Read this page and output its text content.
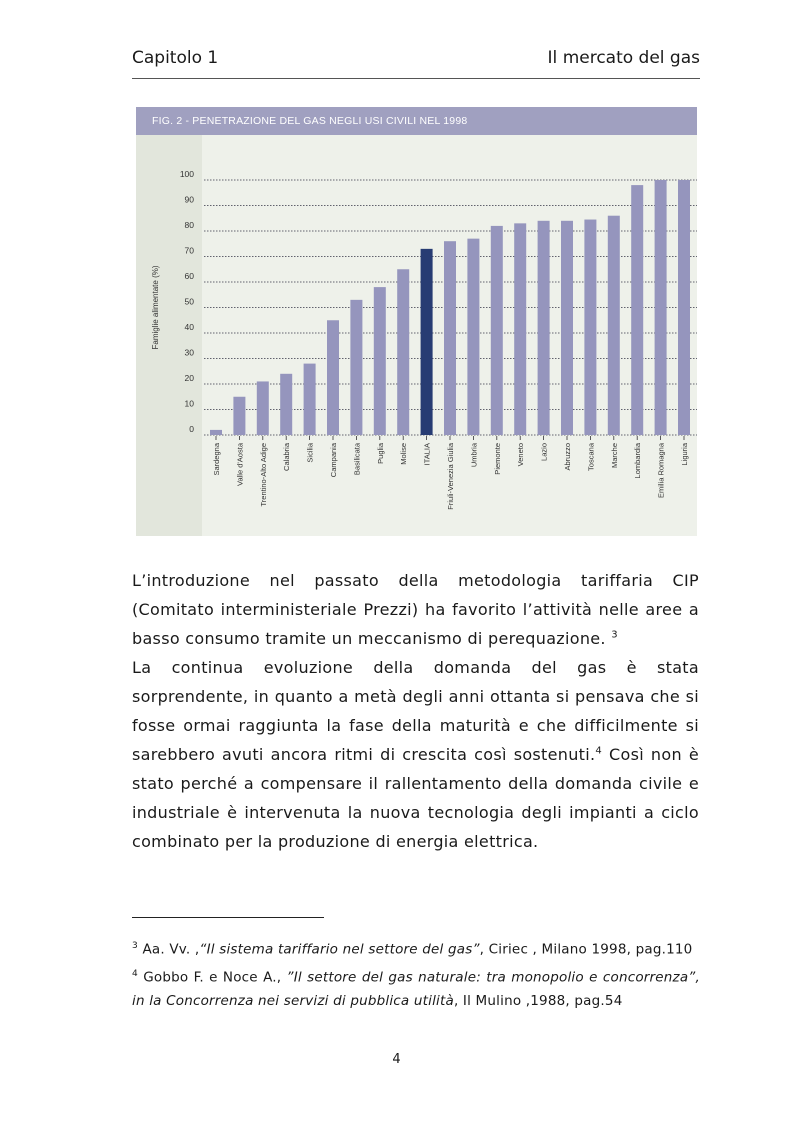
Capitolo 1	Il mercato del gas
0
10
20
30
40
50
60
70
80
90
100
Famiglie alimentate (%)
Sardegna Valle d'Aosta Trentino-Alto Adige Calabria Sicilia Campania Basilicata Puglia Molise ITALIA Friuli-Venezia Giulia Umbria Piemonte Veneto Lazio Abruzzo Toscana Marche Lombardia Emilia Romagna Liguria
FIG. 2 - PENETRAZIONE DEL GAS NEGLI USI CIVILI NEL 1998

L’introduzione nel passato della metodologia tariffaria CIP (Comitato interministeriale Prezzi) ha favorito l’attività nelle aree a basso consumo tramite un meccanismo di perequazione. $^3$

La continua evoluzione della domanda del gas è stata sorprendente, in quanto a metà degli anni ottanta si pensava che si fosse ormai raggiunta la fase della maturità e che difficilmente si sarebbero avuti ancora ritmi di crescita così sostenuti.$^4$ Così non è stato perché a compensare il rallentamento della domanda civile e industriale è intervenuta la nuova tecnologia degli impianti a ciclo combinato per la produzione di energia elettrica.

$^3$ Aa. Vv. ,“Il sistema tariffario nel settore del gas”, Ciriec , Milano 1998, pag.110

$^4$ Gobbo F. e Noce A., ”Il settore del gas naturale: tra monopolio e concorrenza”, in la Concorrenza nei servizi di pubblica utilità, Il Mulino ,1988, pag.54

4
